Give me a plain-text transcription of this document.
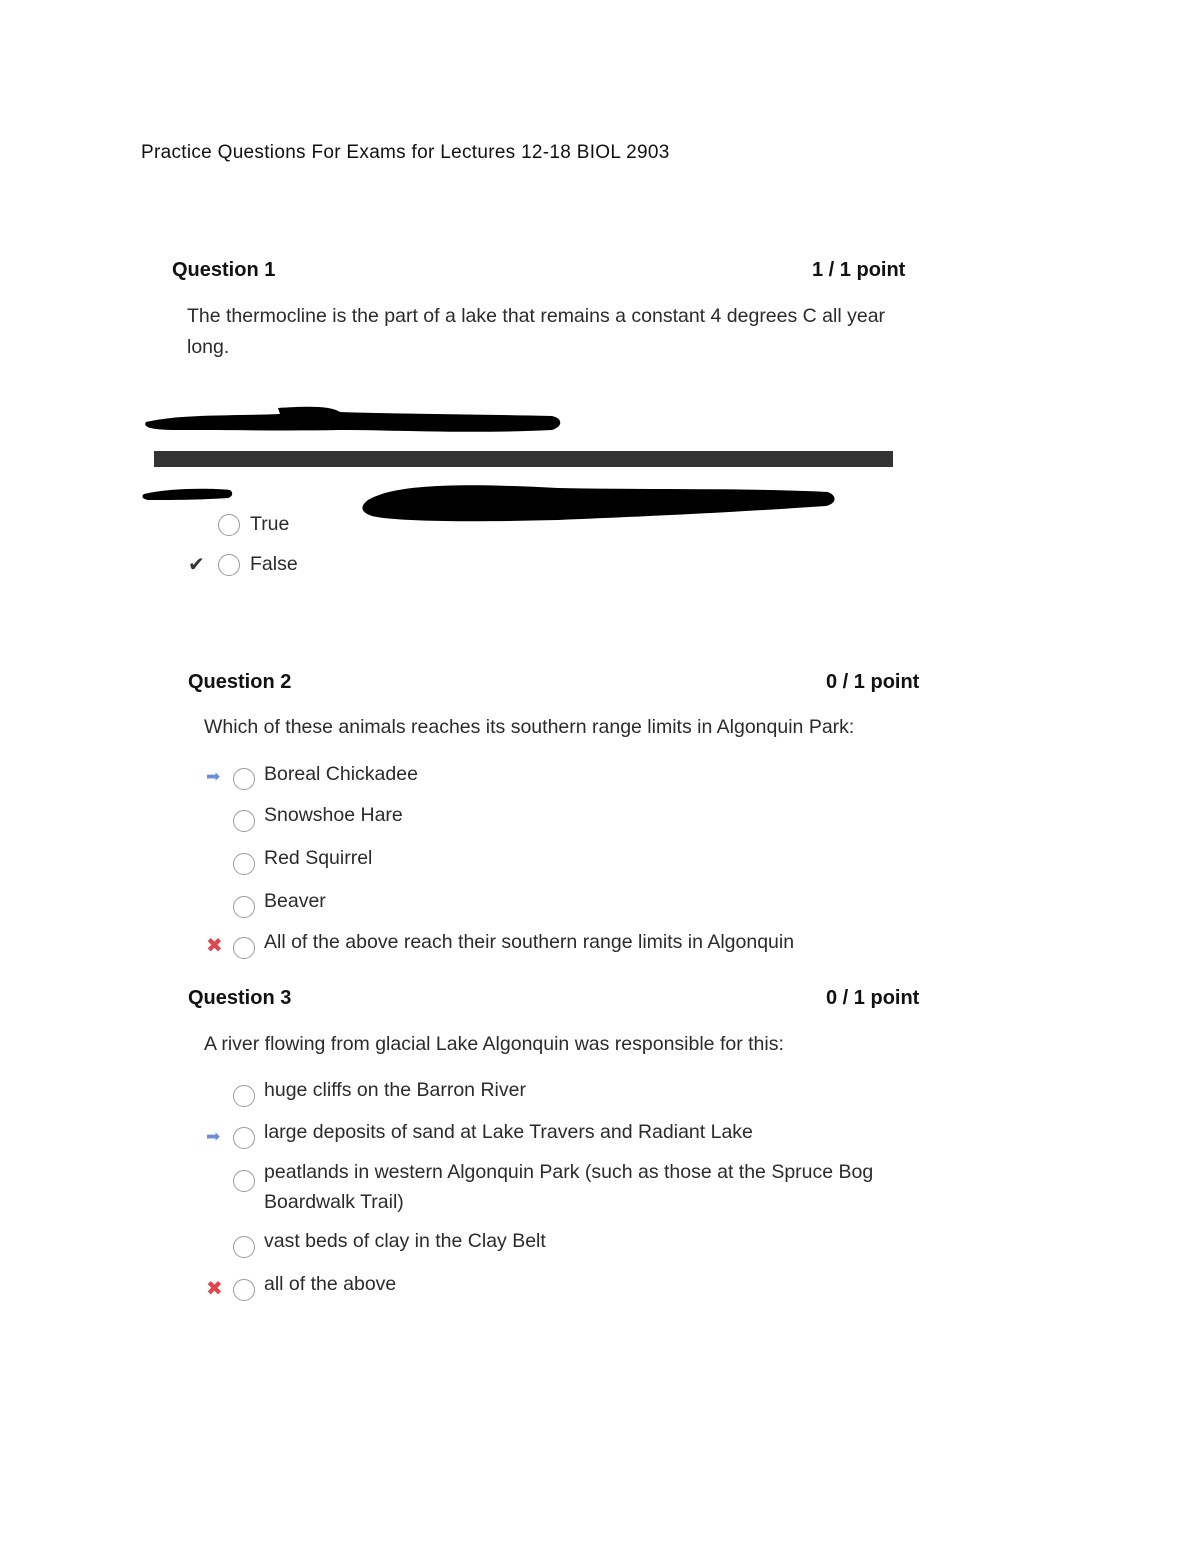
Practice Questions For Exams for Lectures 12-18 BIOL 2903
Question 1	1 / 1 point
The thermocline is the part of a lake that remains a constant 4 degrees C all year long.
True
✔ False
Question 2	0 / 1 point
Which of these animals reaches its southern range limits in Algonquin Park:
➡ Boreal Chickadee
Snowshoe Hare
Red Squirrel
Beaver
✖ All of the above reach their southern range limits in Algonquin
Question 3	0 / 1 point
A river flowing from glacial Lake Algonquin was responsible for this:
huge cliffs on the Barron River
➡ large deposits of sand at Lake Travers and Radiant Lake
peatlands in western Algonquin Park (such as those at the Spruce Bog Boardwalk Trail)
vast beds of clay in the Clay Belt
✖ all of the above
